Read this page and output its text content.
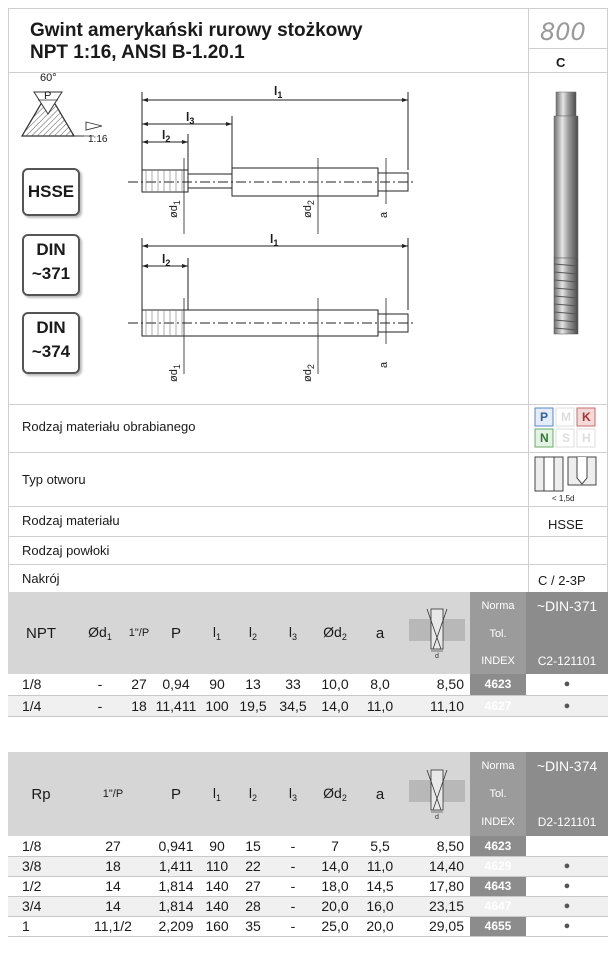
Gwint amerykański rurowy stożkowy
NPT 1:16, ANSI B-1.20.1
800
C
60°
P
1:16
HSSE
DIN
~371
DIN
~374
$l_1$
$l_3$
$l_2$
$ød_1$
$ød_2$
a
$l_1$
$l_2$
$ød_1$
$ød_2$	a
Rodzaj materiału obrabianego
P M K
N S H
Typ otworu
< 1,5d
Rodzaj materiału	HSSE
Rodzaj powłoki
Nakrój	C / 2-3P
NPT	$Ød_1$	1"/P	P	$l_1$	$l_2$	$l_3$	$Ød_2$	a	d	Norma	~DIN-371
										Tol.	
										INDEX	C2-121101
1/8	-	27	0,94	90	13	33	10,0	8,0	8,50	4623	●
1/4	-	18	11,411	100	19,5	34,5	14,0	11,0	11,10	4627	●
Rp	1"/P	P	$l_1$	$l_2$	$l_3$	$Ød_2$	a	d	Norma	~DIN-374
									Tol.	
									INDEX	D2-121101
1/8	27	0,941	90	15	-	7	5,5	8,50	4623	
3/8	18	1,411	110	22	-	14,0	11,0	14,40	4629	●
1/2	14	1,814	140	27	-	18,0	14,5	17,80	4643	●
3/4	14	1,814	140	28	-	20,0	16,0	23,15	4647	●
1	11,1/2	2,209	160	35	-	25,0	20,0	29,05	4655	●
